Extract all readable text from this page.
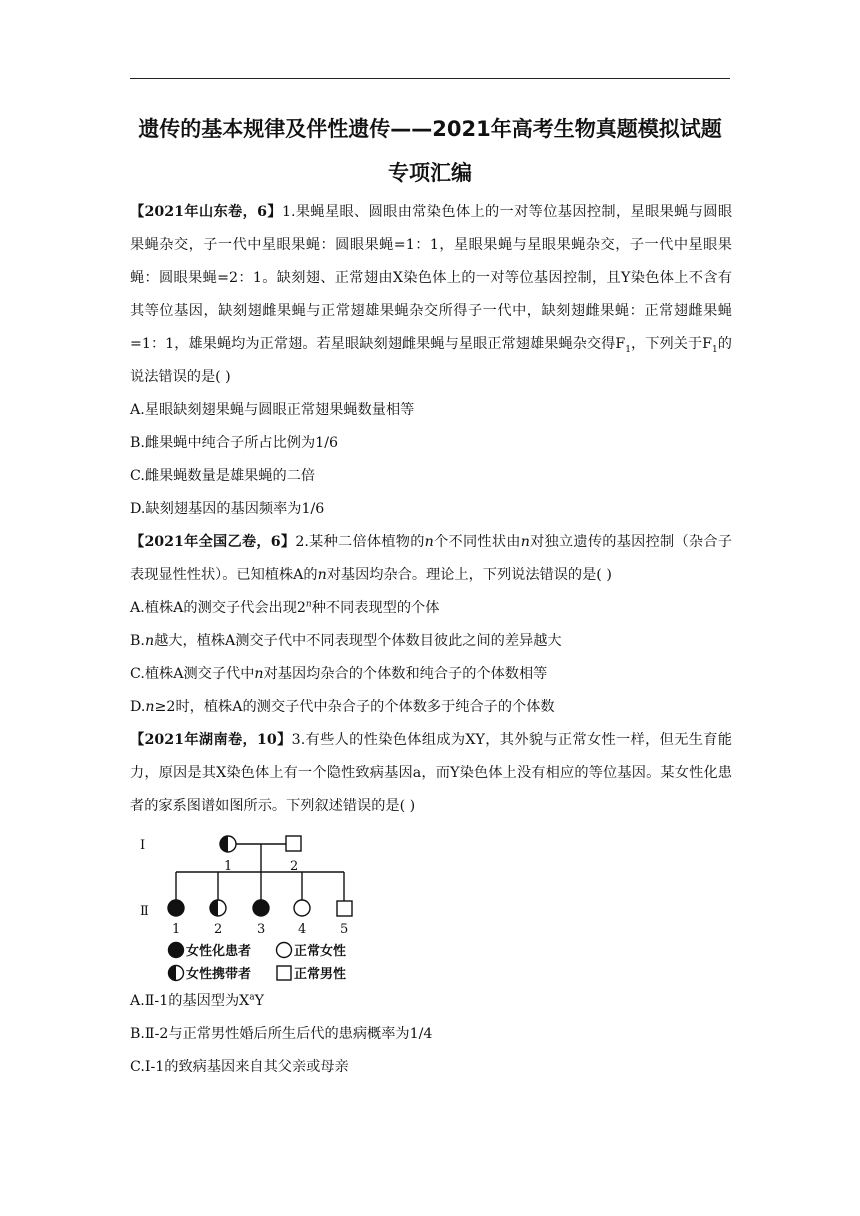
遗传的基本规律及伴性遗传——2021年高考生物真题模拟试题
专项汇编

【2021年山东卷，6】1.果蝇星眼、圆眼由常染色体上的一对等位基因控制，星眼果蝇与圆眼果蝇杂交，子一代中星眼果蝇：圆眼果蝇=1：1，星眼果蝇与星眼果蝇杂交，子一代中星眼果蝇：圆眼果蝇=2：1。缺刻翅、正常翅由X染色体上的一对等位基因控制，且Y染色体上不含有其等位基因，缺刻翅雌果蝇与正常翅雄果蝇杂交所得子一代中，缺刻翅雌果蝇：正常翅雌果蝇=1：1，雄果蝇均为正常翅。若星眼缺刻翅雌果蝇与星眼正常翅雄果蝇杂交得$F_1$，下列关于$F_1$的说法错误的是( )

A.星眼缺刻翅果蝇与圆眼正常翅果蝇数量相等

B.雌果蝇中纯合子所占比例为1/6

C.雌果蝇数量是雄果蝇的二倍

D.缺刻翅基因的基因频率为1/6

【2021年全国乙卷，6】2.某种二倍体植物的n个不同性状由n对独立遗传的基因控制（杂合子表现显性性状）。已知植株A的n对基因均杂合。理论上，下列说法错误的是( )

A.植株A的测交子代会出现2$^n$种不同表现型的个体

B.n越大，植株A测交子代中不同表现型个体数目彼此之间的差异越大

C.植株A测交子代中n对基因均杂合的个体数和纯合子的个体数相等

D.n≥2时，植株A的测交子代中杂合子的个体数多于纯合子的个体数

【2021年湖南卷，10】3.有些人的性染色体组成为XY，其外貌与正常女性一样，但无生育能力，原因是其X染色体上有一个隐性致病基因a，而Y染色体上没有相应的等位基因。某女性化患者的家系图谱如图所示。下列叙述错误的是( )

Ⅰ
Ⅱ
1	2
1	2	3	4	5
女性化患者	正常女性
女性携带者	正常男性

A.Ⅱ-1的基因型为$X^aY$

B.Ⅱ-2与正常男性婚后所生后代的患病概率为1/4

C.Ⅰ-1的致病基因来自其父亲或母亲
